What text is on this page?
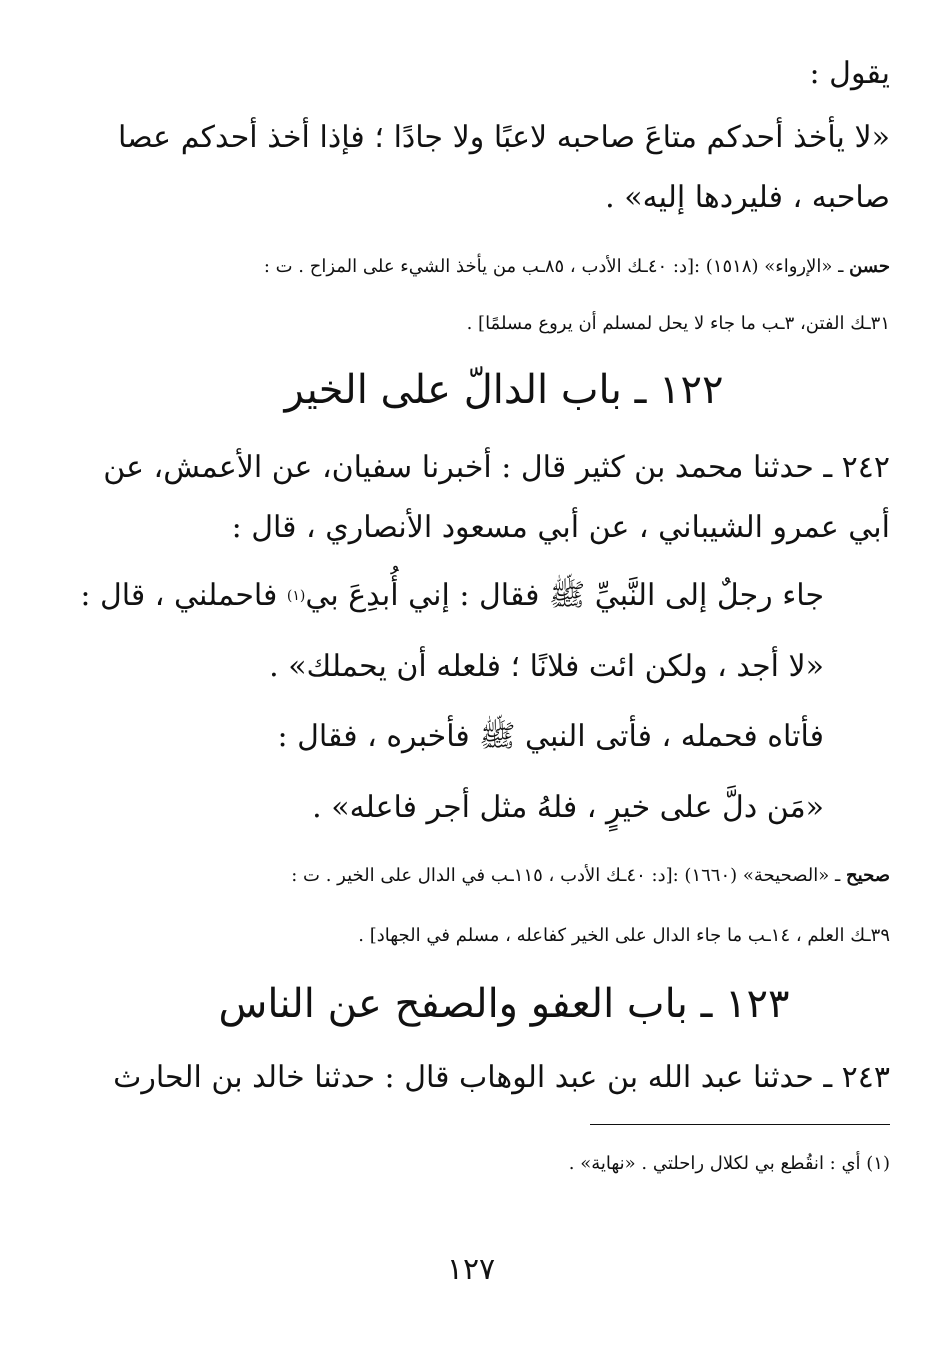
يقول :
«لا يأخذ أحدكم متاعَ صاحبه لاعبًا ولا جادًا ؛ فإذا أخذ أحدكم عصا
صاحبه ، فليردها إليه» .
حسن ـ «الإرواء» (١٥١٨) :[د: ٤٠ـك الأدب ، ٨٥ـب من يأخذ الشيء على المزاح . ت :
٣١ـك الفتن، ٣ـب ما جاء لا يحل لمسلم أن يروع مسلمًا] .
١٢٢ ـ باب الدالّ على الخير
٢٤٢ ـ حدثنا محمد بن كثير قال : أخبرنا سفيان، عن الأعمش، عن
أبي عمرو الشيباني ، عن أبي مسعود الأنصاري ، قال :
جاء رجلٌ إلى النَّبيِّ ﷺ فقال : إني أُبدِعَ بي$^{(١)}$ فاحملني ، قال :
«لا أجد ، ولكن ائت فلانًا ؛ فلعله أن يحملك» .
فأتاه فحمله ، فأتى النبي ﷺ فأخبره ، فقال :
«مَن دلَّ على خيرٍ ، فلهُ مثل أجر فاعله» .
صحيح ـ «الصحيحة» (١٦٦٠) :[د: ٤٠ـك الأدب ، ١١٥ـب في الدال على الخير . ت :
٣٩ـك العلم ، ١٤ـب ما جاء الدال على الخير كفاعله ، مسلم في الجهاد] .
١٢٣ ـ باب العفو والصفح عن الناس
٢٤٣ ـ حدثنا عبد الله بن عبد الوهاب قال : حدثنا خالد بن الحارث
(١) أي : انقُطع بي لكلال راحلتي . «نهاية» .
١٢٧
